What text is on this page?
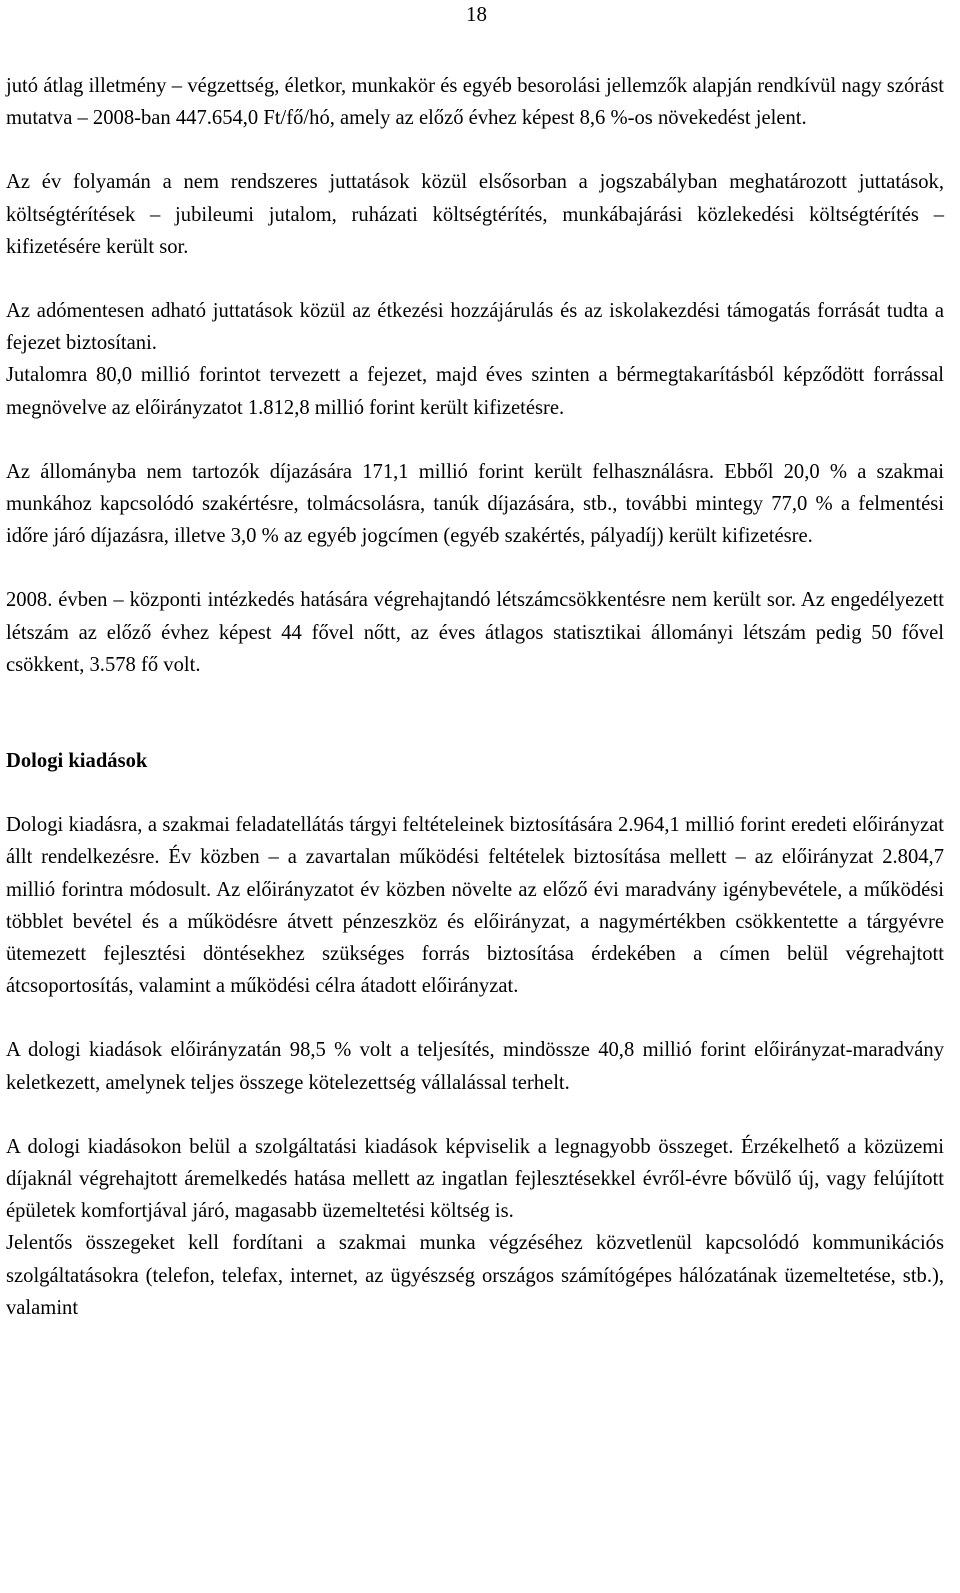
18

jutó átlag illetmény – végzettség, életkor, munkakör és egyéb besorolási jellemzők alapján rendkívül nagy szórást mutatva – 2008-ban 447.654,0 Ft/fő/hó, amely az előző évhez képest 8,6 %-os növekedést jelent.

Az év folyamán a nem rendszeres juttatások közül elsősorban a jogszabályban meghatározott juttatások, költségtérítések – jubileumi jutalom, ruházati költségtérítés, munkábajárási közlekedési költségtérítés – kifizetésére került sor.

Az adómentesen adható juttatások közül az étkezési hozzájárulás és az iskolakezdési támogatás forrását tudta a fejezet biztosítani.

Jutalomra 80,0 millió forintot tervezett a fejezet, majd éves szinten a bérmegtakarításból képződött forrással megnövelve az előirányzatot 1.812,8 millió forint került kifizetésre.

Az állományba nem tartozók díjazására 171,1 millió forint került felhasználásra. Ebből 20,0 % a szakmai munkához kapcsolódó szakértésre, tolmácsolásra, tanúk díjazására, stb., további mintegy 77,0 % a felmentési időre járó díjazásra, illetve 3,0 % az egyéb jogcímen (egyéb szakértés, pályadíj) került kifizetésre.

2008. évben – központi intézkedés hatására végrehajtandó létszámcsökkentésre nem került sor. Az engedélyezett létszám az előző évhez képest 44 fővel nőtt, az éves átlagos statisztikai állományi létszám pedig 50 fővel csökkent, 3.578 fő volt.

Dologi kiadások

Dologi kiadásra, a szakmai feladatellátás tárgyi feltételeinek biztosítására 2.964,1 millió forint eredeti előirányzat állt rendelkezésre. Év közben – a zavartalan működési feltételek biztosítása mellett – az előirányzat 2.804,7 millió forintra módosult. Az előirányzatot év közben növelte az előző évi maradvány igénybevétele, a működési többlet bevétel és a működésre átvett pénzeszköz és előirányzat, a nagymértékben csökkentette a tárgyévre ütemezett fejlesztési döntésekhez szükséges forrás biztosítása érdekében a címen belül végrehajtott átcsoportosítás, valamint a működési célra átadott előirányzat.

A dologi kiadások előirányzatán 98,5 % volt a teljesítés, mindössze 40,8 millió forint előirányzat-maradvány keletkezett, amelynek teljes összege kötelezettség vállalással terhelt.

A dologi kiadásokon belül a szolgáltatási kiadások képviselik a legnagyobb összeget. Érzékelhető a közüzemi díjaknál végrehajtott áremelkedés hatása mellett az ingatlan fejlesztésekkel évről-évre bővülő új, vagy felújított épületek komfortjával járó, magasabb üzemeltetési költség is.

Jelentős összegeket kell fordítani a szakmai munka végzéséhez közvetlenül kapcsolódó kommunikációs szolgáltatásokra (telefon, telefax, internet, az ügyészség országos számítógépes hálózatának üzemeltetése, stb.), valamint
